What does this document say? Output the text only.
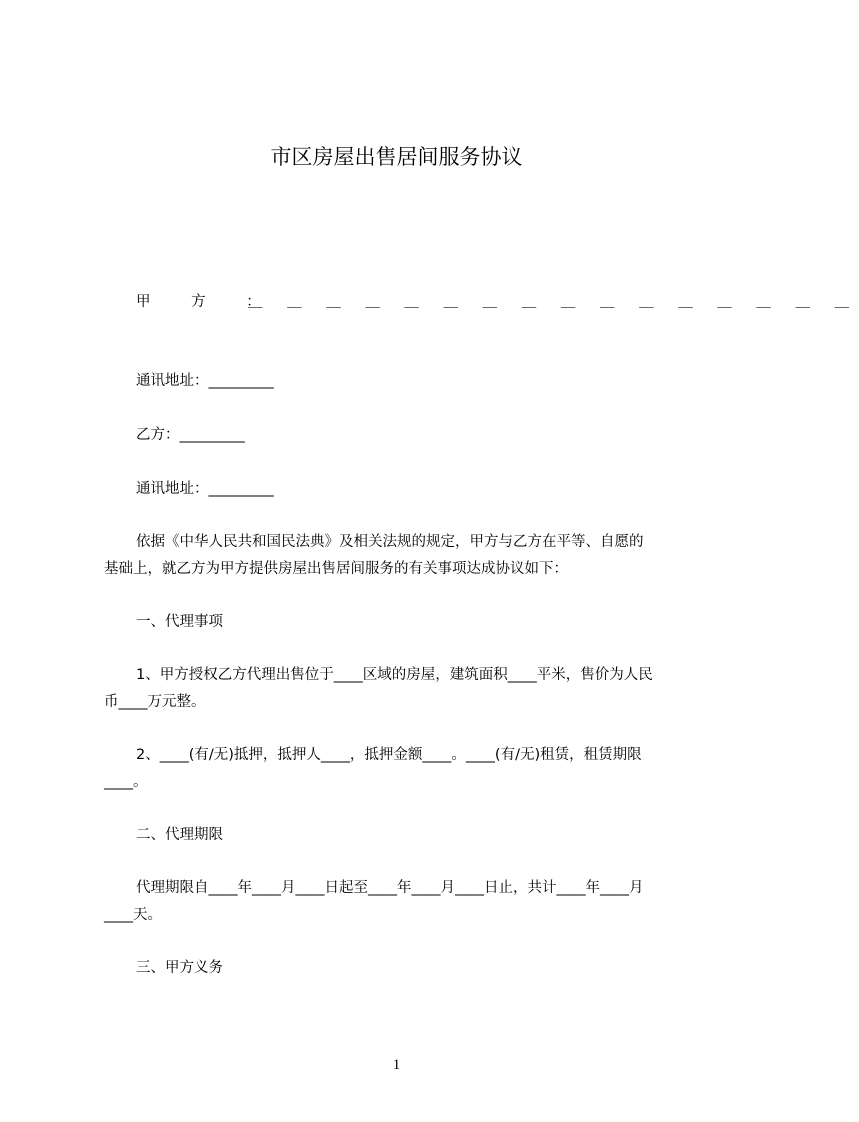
市区房屋出售居间服务协议
甲 方 ：
＿ ＿ ＿ ＿ ＿ ＿ ＿ ＿ ＿ ＿ ＿ ＿ ＿ ＿ ＿ ＿
通讯地址：_________
乙方：_________
通讯地址：_________
依据《中华人民共和国民法典》及相关法规的规定，甲方与乙方在平等、自愿的
基础上，就乙方为甲方提供房屋出售居间服务的有关事项达成协议如下：
一、代理事项
1、甲方授权乙方代理出售位于____区域的房屋，建筑面积____平米，售价为人民
币____万元整。
2、____(有/无)抵押，抵押人____，抵押金额____。____(有/无)租赁，租赁期限
____。
二、代理期限
代理期限自____年____月____日起至____年____月____日止，共计____年____月
____天。
三、甲方义务
1
